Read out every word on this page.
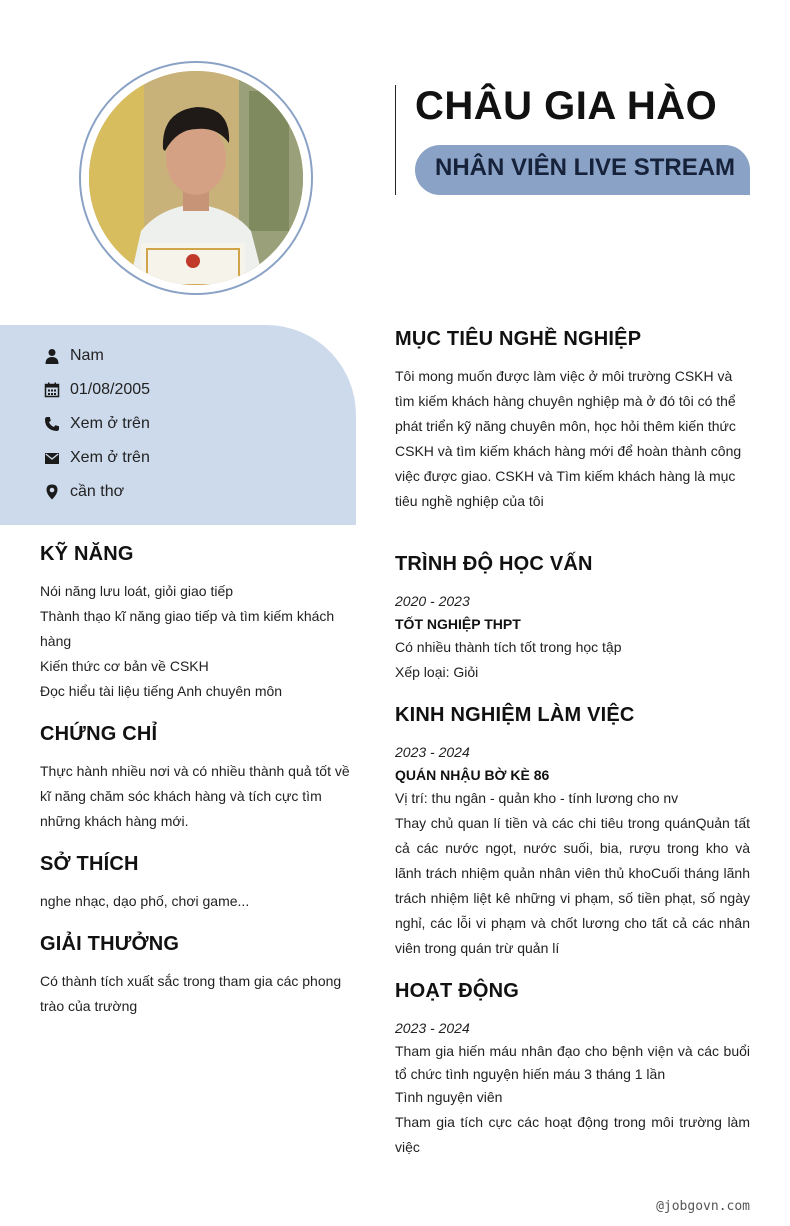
CHÂU GIA HÀO
NHÂN VIÊN LIVE STREAM
Nam
01/08/2005
Xem ở trên
Xem ở trên
cần thơ
KỸ NĂNG
Nói năng lưu loát, giỏi giao tiếp
Thành thạo kĩ năng giao tiếp và tìm kiếm khách hàng
Kiến thức cơ bản về CSKH
Đọc hiểu tài liệu tiếng Anh chuyên môn
CHỨNG CHỈ
Thực hành nhiều nơi và có nhiều thành quả tốt về kĩ năng chăm sóc khách hàng và tích cực tìm những khách hàng mới.
SỞ THÍCH
nghe nhạc, dạo phố, chơi game...
GIẢI THƯỞNG
Có thành tích xuất sắc trong tham gia các phong trào của trường
MỤC TIÊU NGHỀ NGHIỆP
Tôi mong muốn được làm việc ở môi trường CSKH và tìm kiếm khách hàng chuyên nghiệp mà ở đó tôi có thể phát triển kỹ năng chuyên môn, học hỏi thêm kiến thức CSKH và tìm kiếm khách hàng mới để hoàn thành công việc được giao. CSKH và Tìm kiếm khách hàng là mục tiêu nghề nghiệp của tôi
TRÌNH ĐỘ HỌC VẤN
2020 - 2023
TỐT NGHIỆP THPT
Có nhiều thành tích tốt trong học tập
Xếp loại: Giỏi
KINH NGHIỆM LÀM VIỆC
2023 - 2024
QUÁN NHẬU BỜ KÈ 86
Vị trí: thu ngân - quản kho - tính lương cho nv
Thay chủ quan lí tiền và các chi tiêu trong quánQuản tất cả các nước ngọt, nước suối, bia, rượu trong kho và lãnh trách nhiệm quản nhân viên thủ khoCuối tháng lãnh trách nhiệm liệt kê những vi phạm, số tiền phạt, số ngày nghỉ, các lỗi vi phạm và chốt lương cho tất cả các nhân viên trong quán trừ quản lí
HOẠT ĐỘNG
2023 - 2024
Tham gia hiến máu nhân đạo cho bệnh viện và các buổi tổ chức tình nguyện hiến máu 3 tháng 1 lần
Tình nguyện viên
Tham gia tích cực các hoạt động trong môi trường làm việc
@jobgovn.com
